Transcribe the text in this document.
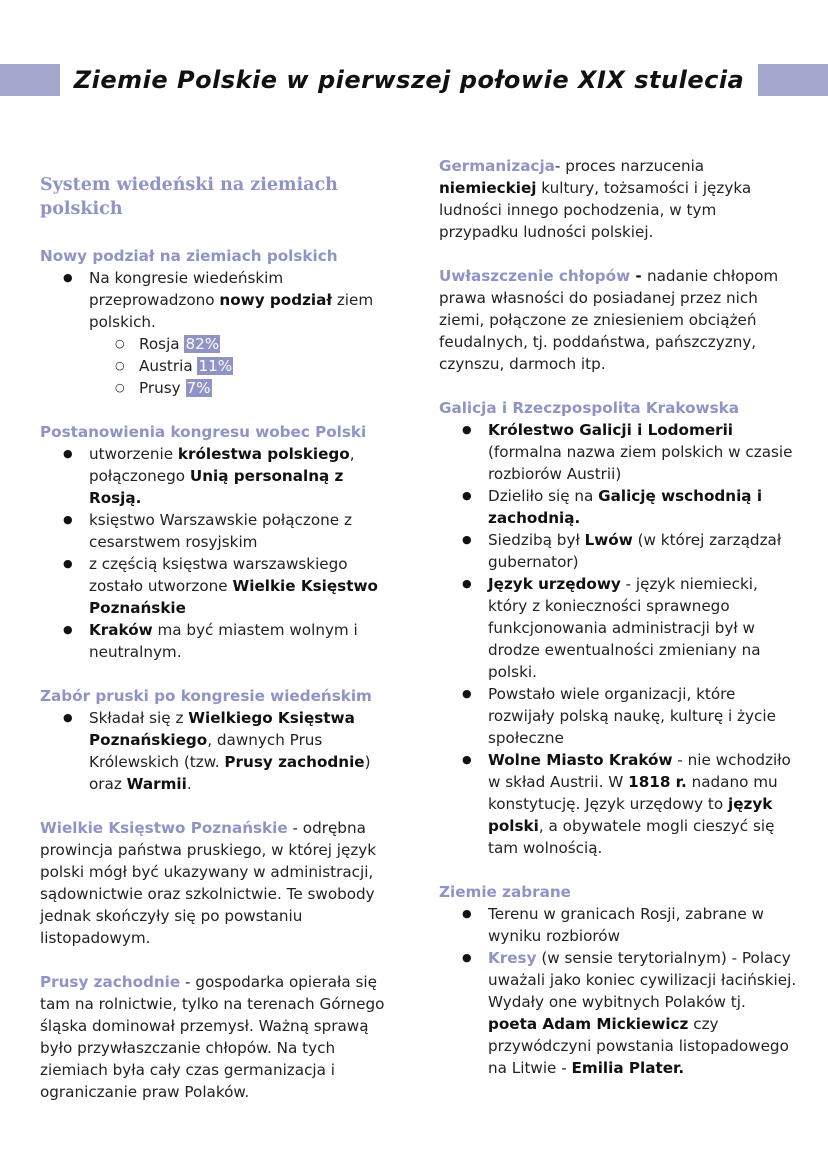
Ziemie Polskie w pierwszej połowie XIX stulecia
System wiedeński na ziemiach polskich
Nowy podział na ziemiach polskich
● Na kongresie wiedeńskim przeprowadzono nowy podział ziem polskich.
○ Rosja 82%
○ Austria 11%
○ Prusy 7%
Postanowienia kongresu wobec Polski
● utworzenie królestwa polskiego, połączonego Unią personalną z Rosją.
● księstwo Warszawskie połączone z cesarstwem rosyjskim
● z częścią księstwa warszawskiego zostało utworzone Wielkie Księstwo Poznańskie
● Kraków ma być miastem wolnym i neutralnym.
Zabór pruski po kongresie wiedeńskim
● Składał się z Wielkiego Księstwa Poznańskiego, dawnych Prus Królewskich (tzw. Prusy zachodnie) oraz Warmii.
Wielkie Księstwo Poznańskie - odrębna prowincja państwa pruskiego, w której język polski mógł być ukazywany w administracji, sądownictwie oraz szkolnictwie. Te swobody jednak skończyły się po powstaniu listopadowym.
Prusy zachodnie - gospodarka opierała się tam na rolnictwie, tylko na terenach Górnego śląska dominował przemysł. Ważną sprawą było przywłaszczanie chłopów. Na tych ziemiach była cały czas germanizacja i ograniczanie praw Polaków.
Germanizacja- proces narzucenia niemieckiej kultury, tożsamości i języka ludności innego pochodzenia, w tym przypadku ludności polskiej.
Uwłaszczenie chłopów - nadanie chłopom prawa własności do posiadanej przez nich ziemi, połączone ze zniesieniem obciążeń feudalnych, tj. poddaństwa, pańszczyzny, czynszu, darmoch itp.
Galicja i Rzeczpospolita Krakowska
● Królestwo Galicji i Lodomerii (formalna nazwa ziem polskich w czasie rozbiorów Austrii)
● Dzieliło się na Galicję wschodnią i zachodnią.
● Siedzibą był Lwów (w której zarządzał gubernator)
● Język urzędowy - język niemiecki, który z konieczności sprawnego funkcjonowania administracji był w drodze ewentualności zmieniany na polski.
● Powstało wiele organizacji, które rozwijały polską naukę, kulturę i życie społeczne
● Wolne Miasto Kraków - nie wchodziło w skład Austrii. W 1818 r. nadano mu konstytucję. Język urzędowy to język polski, a obywatele mogli cieszyć się tam wolnością.
Ziemie zabrane
● Terenu w granicach Rosji, zabrane w wyniku rozbiorów
● Kresy (w sensie terytorialnym) - Polacy uważali jako koniec cywilizacji łacińskiej. Wydały one wybitnych Polaków tj. poeta Adam Mickiewicz czy przywódczyni powstania listopadowego na Litwie - Emilia Plater.
